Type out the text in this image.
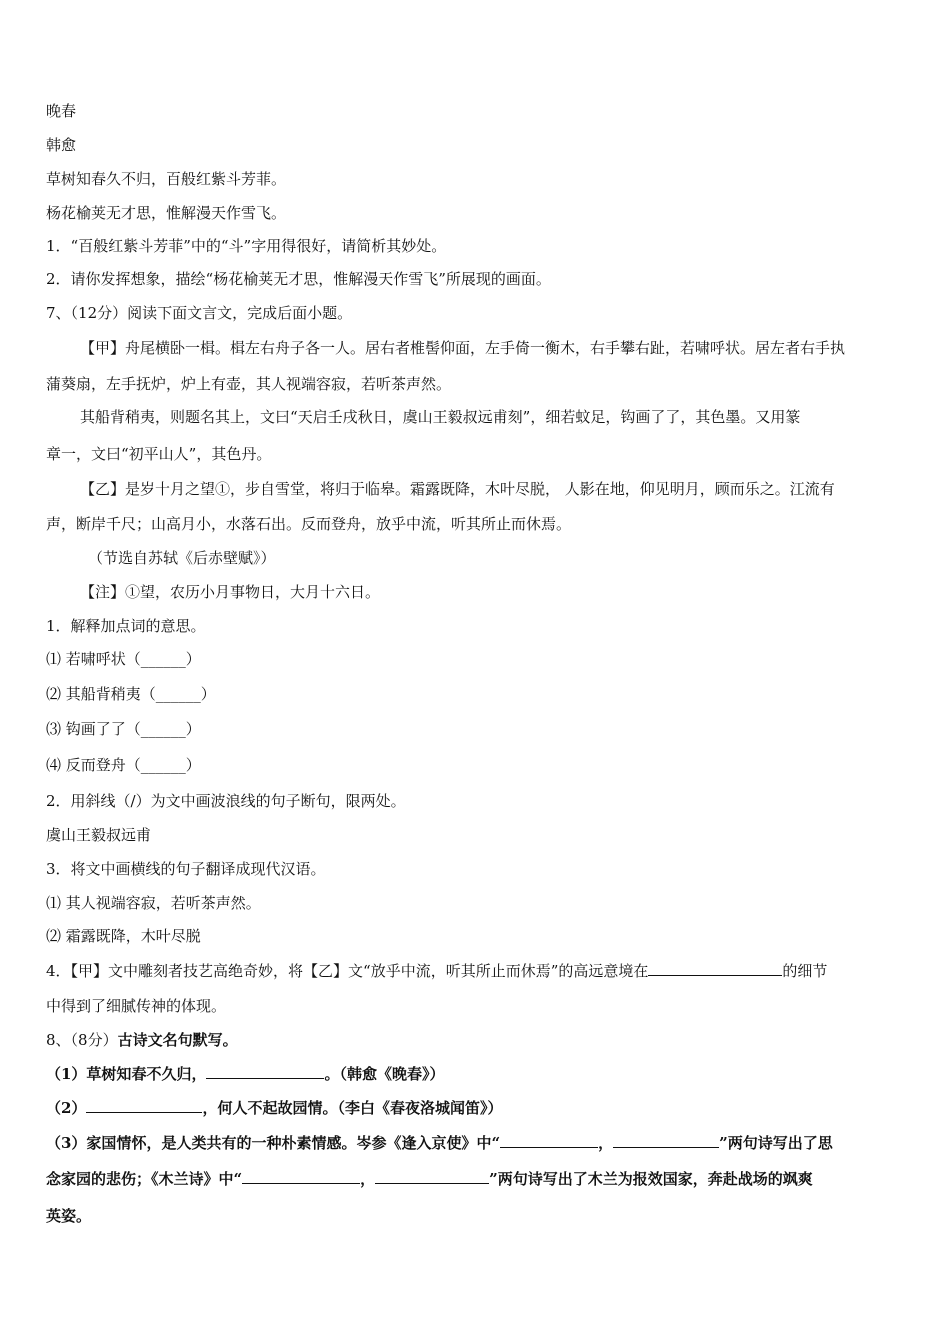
晚春
韩愈
草树知春久不归，百般红紫斗芳菲。
杨花榆荚无才思，惟解漫天作雪飞。
1．“百般红紫斗芳菲”中的“斗”字用得很好，请简析其妙处。
2．请你发挥想象，描绘“杨花榆荚无才思，惟解漫天作雪飞”所展现的画面。
7、（12分）阅读下面文言文，完成后面小题。
【甲】舟尾横卧一楫。楫左右舟子各一人。居右者椎髻仰面，左手倚一衡木，右手攀右趾，若啸呼状。居左者右手执
蒲葵扇，左手抚炉，炉上有壶，其人视端容寂，若听茶声然。
其船背稍夷，则题名其上，文曰“天启壬戌秋日，虞山王毅叔远甫刻”，细若蚊足，钩画了了，其色墨。又用篆
章一，文曰“初平山人”，其色丹。
【乙】是岁十月之望①，步自雪堂，将归于临皋。霜露既降，木叶尽脱， 人影在地，仰见明月，顾而乐之。江流有
声，断岸千尺；山高月小，水落石出。反而登舟，放乎中流，听其所止而休焉。
（节选自苏轼《后赤壁赋》）
【注】①望，农历小月事物日，大月十六日。
1．解释加点词的意思。
⑴ 若啸呼状（______）
⑵ 其船背稍夷（______）
⑶ 钩画了了（______）
⑷ 反而登舟（______）
2．用斜线（/）为文中画波浪线的句子断句，限两处。
虞山王毅叔远甫
3．将文中画横线的句子翻译成现代汉语。
⑴ 其人视端容寂，若听茶声然。
⑵ 霜露既降，木叶尽脱
4．【甲】文中雕刻者技艺高绝奇妙，将【乙】文“放乎中流，听其所止而休焉”的高远意境在	的细节
中得到了细腻传神的体现。
8、（8分）古诗文名句默写。
（1）草树知春不久归，	。（韩愈《晚春》）
（2）	，何人不起故园情。（李白《春夜洛城闻笛》）
（3）家国情怀，是人类共有的一种朴素情感。岑参《逢入京使》中“	，	”两句诗写出了思
念家园的悲伤；《木兰诗》中“	，	”两句诗写出了木兰为报效国家，奔赴战场的飒爽
英姿。
